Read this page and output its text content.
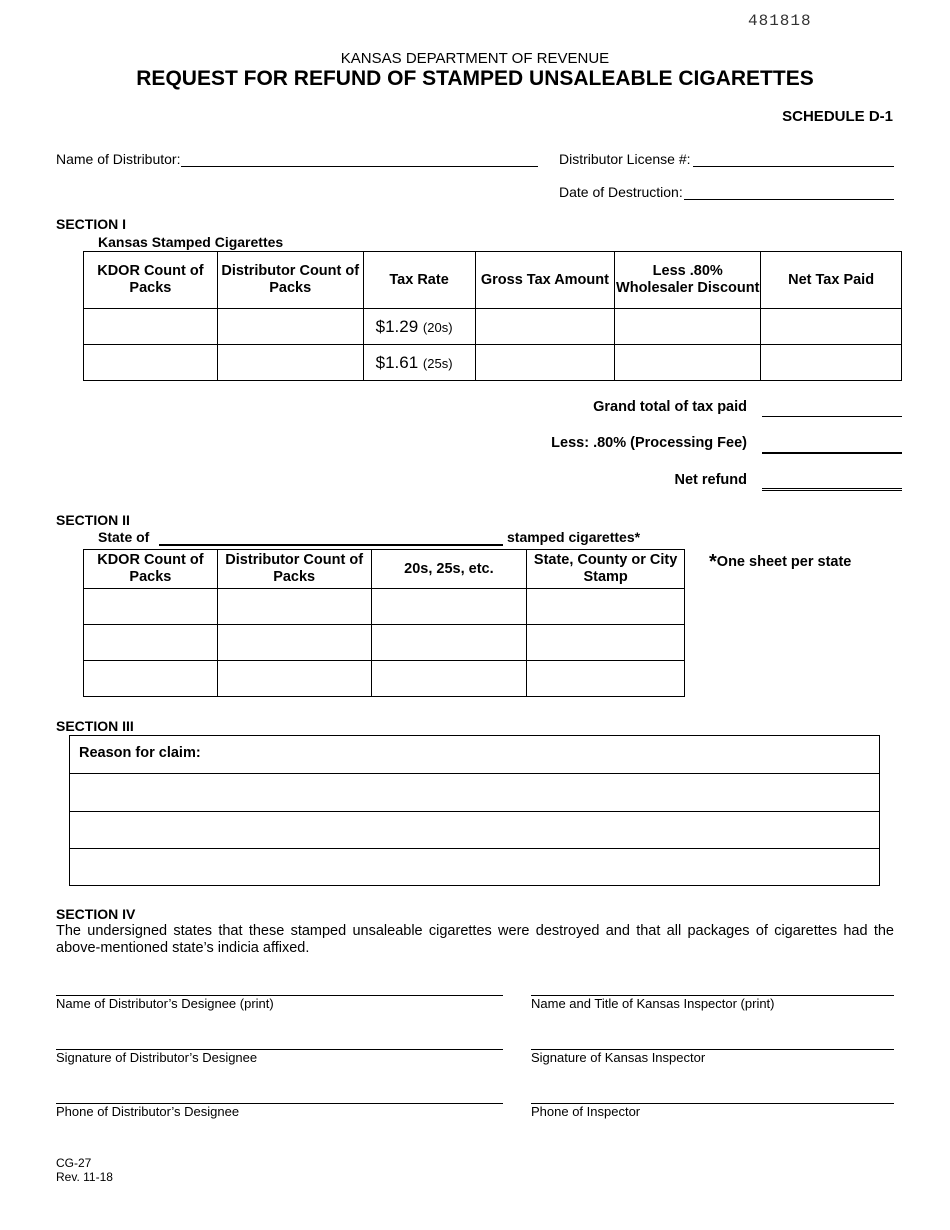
481818
KANSAS DEPARTMENT OF REVENUE
REQUEST FOR REFUND OF STAMPED UNSALEABLE CIGARETTES
SCHEDULE D-1
Name of Distributor:	Distributor License #:
Date of Destruction:
SECTION I
Kansas Stamped Cigarettes
KDOR Count of Packs	Distributor Count of Packs	Tax Rate	Gross Tax Amount	Less .80% Wholesaler Discount	Net Tax Paid
		$1.29 (20s)			
		$1.61 (25s)			
Grand total of tax paid
Less: .80% (Processing Fee)
Net refund
SECTION II
State of	stamped cigarettes*
KDOR Count of Packs	Distributor Count of Packs	20s, 25s, etc.	State, County or City Stamp

*One sheet per state
SECTION III
Reason for claim:
SECTION IV
The undersigned states that these stamped unsaleable cigarettes were destroyed and that all packages of cigarettes had the above-mentioned state’s indicia affixed.
Name of Distributor’s Designee (print)	Name and Title of Kansas Inspector (print)
Signature of Distributor’s Designee	Signature of Kansas Inspector
Phone of Distributor’s Designee	Phone of Inspector
CG-27
Rev. 11-18
